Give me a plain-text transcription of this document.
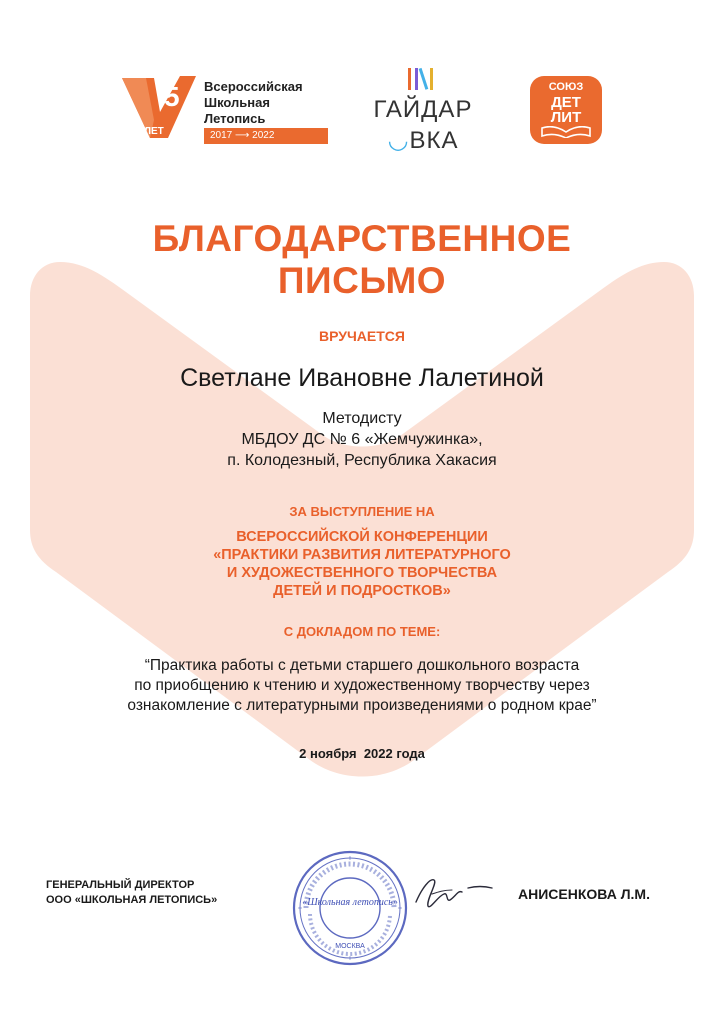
5
ЛЕТ
Всероссийская
Школьная
Летопись
2017 ⟶ 2022
ГАЙДАР
◡ВКА
СОЮЗ
ДЕТ
ЛИТ
БЛАГОДАРСТВЕННОЕ
ПИСЬМО
ВРУЧАЕТСЯ
Светлане Ивановне Лалетиной
Методисту
МБДОУ ДС № 6 «Жемчужинка»,
п. Колодезный, Республика Хакасия
ЗА ВЫСТУПЛЕНИЕ НА
ВСЕРОССИЙСКОЙ КОНФЕРЕНЦИИ
«ПРАКТИКИ РАЗВИТИЯ ЛИТЕРАТУРНОГО
И ХУДОЖЕСТВЕННОГО ТВОРЧЕСТВА
ДЕТЕЙ И ПОДРОСТКОВ»
С ДОКЛАДОМ ПО ТЕМЕ:
“Практика работы с детьми старшего дошкольного возраста
по приобщению к чтению и художественному творчеству через
ознакомление с литературными произведениями о родном крае”
2 ноября  2022 года
ГЕНЕРАЛЬНЫЙ ДИРЕКТОР
ООО «ШКОЛЬНАЯ ЛЕТОПИСЬ»	«Школьная летопись»
МОСКВА
АНИСЕНКОВА Л.М.
